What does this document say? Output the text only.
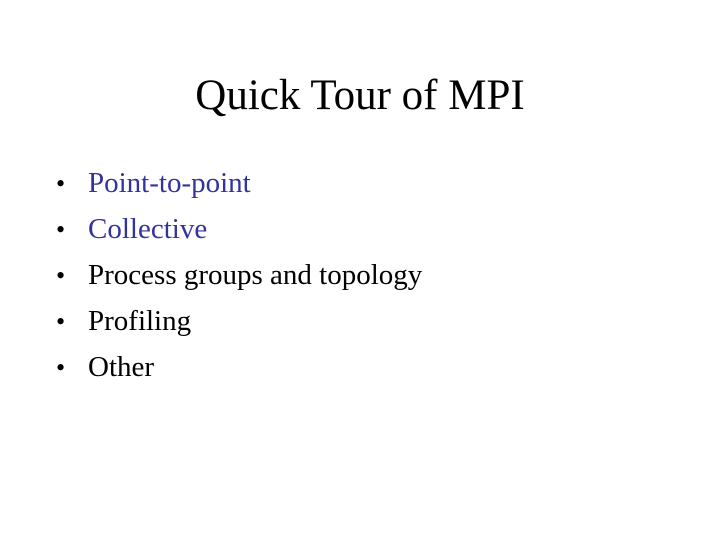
Quick Tour of MPI
• Point-to-point
• Collective
• Process groups and topology
• Profiling
• Other
